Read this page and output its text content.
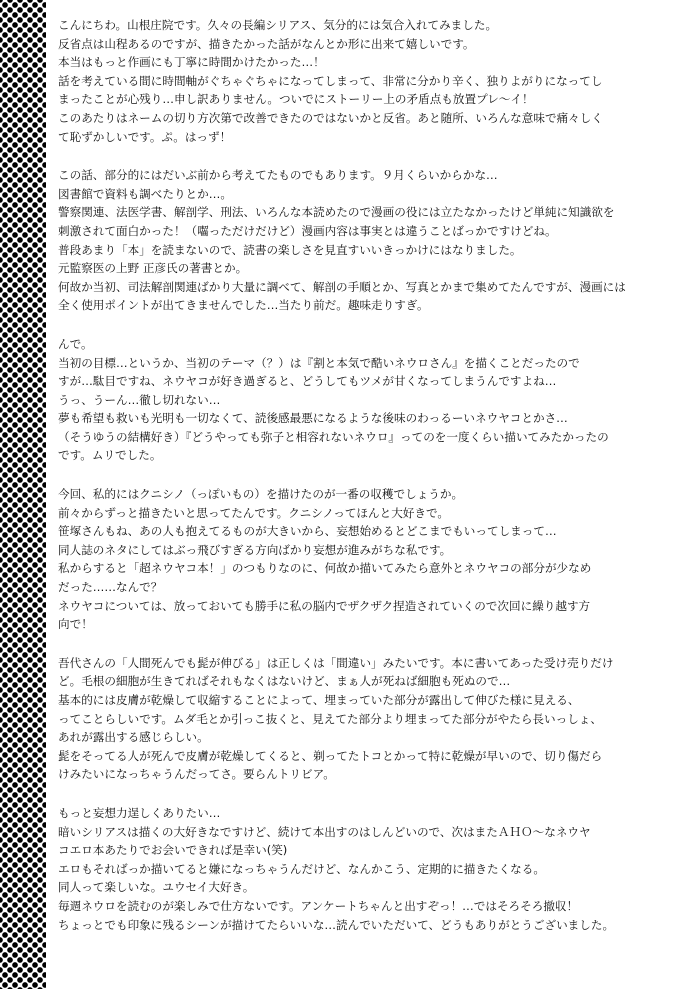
こんにちわ。山根庄院です。久々の長編シリアス、気分的には気合入れてみました。
反省点は山程あるのですが、描きたかった話がなんとか形に出来て嬉しいです。
本当はもっと作画にも丁寧に時間かけたかった…！
話を考えている間に時間軸がぐちゃぐちゃになってしまって、非常に分かり辛く、独りよがりになってし
まったことが心残り…申し訳ありません。ついでにストーリー上の矛盾点も放置プレ〜イ！
このあたりはネームの切り方次第で改善できたのではないかと反省。あと随所、いろんな意味で痛々しく
て恥ずかしいです。ぷ。はっず！
この話、部分的にはだいぶ前から考えてたものでもあります。９月くらいからかな…
図書館で資料も調べたりとか…。
警察関連、法医学書、解剖学、刑法、いろんな本読めたので漫画の役には立たなかったけど単純に知識欲を
刺激されて面白かった！（囓っただけだけど）漫画内容は事実とは違うことばっかですけどね。
普段あまり「本」を読まないので、読書の楽しさを見直すいいきっかけにはなりました。
元監察医の上野 正彦氏の著書とか。
何故か当初、司法解剖関連ばかり大量に調べて、解剖の手順とか、写真とかまで集めてたんですが、漫画には
全く使用ポイントが出てきませんでした…当たり前だ。趣味走りすぎ。
んで。
当初の目標…というか、当初のテーマ（？）は『割と本気で酷いネウロさん』を描くことだったので
すが…駄目ですね、ネウヤコが好き過ぎると、どうしてもツメが甘くなってしまうんですよね…
うっ、うーん…徹し切れない…
夢も希望も救いも光明も一切なくて、読後感最悪になるような後味のわっるーいネウヤコとかさ…
（そうゆうの結構好き）『どうやっても弥子と相容れないネウロ』ってのを一度くらい描いてみたかったの
です。ムリでした。
今回、私的にはクニシノ（っぽいもの）を描けたのが一番の収穫でしょうか。
前々からずっと描きたいと思ってたんです。クニシノってほんと大好きで。
笹塚さんもね、あの人も抱えてるものが大きいから、妄想始めるとどこまでもいってしまって…
同人誌のネタにしてはぶっ飛びすぎる方向ばかり妄想が進みがちな私です。
私からすると「超ネウヤコ本！」のつもりなのに、何故か描いてみたら意外とネウヤコの部分が少なめ
だった……なんで？
ネウヤコについては、放っておいても勝手に私の脳内でザクザク捏造されていくので次回に繰り越す方
向で！
吾代さんの「人間死んでも髭が伸びる」は正しくは「間違い」みたいです。本に書いてあった受け売りだけ
ど。毛根の細胞が生きてればそれもなくはないけど、まぁ人が死ねば細胞も死ぬので…
基本的には皮膚が乾燥して収縮することによって、埋まっていた部分が露出して伸びた様に見える、
ってことらしいです。ムダ毛とか引っこ抜くと、見えてた部分より埋まってた部分がやたら長いっしょ、
あれが露出する感じらしい。
髭をそってる人が死んで皮膚が乾燥してくると、剃ってたトコとかって特に乾燥が早いので、切り傷だら
けみたいになっちゃうんだってさ。要らんトリビア。
もっと妄想力逞しくありたい…
暗いシリアスは描くの大好きなですけど、続けて本出すのはしんどいので、次はまたＡＨＯ〜なネウヤ
コエロ本あたりでお会いできれば是幸い(笑)
エロもそればっか描いてると嫌になっちゃうんだけど、なんかこう、定期的に描きたくなる。
同人って楽しいな。ユウセイ大好き。
毎週ネウロを読むのが楽しみで仕方ないです。アンケートちゃんと出すぞっ！…ではそろそろ撤収！
ちょっとでも印象に残るシーンが描けてたらいいな…読んでいただいて、どうもありがとうございました。
